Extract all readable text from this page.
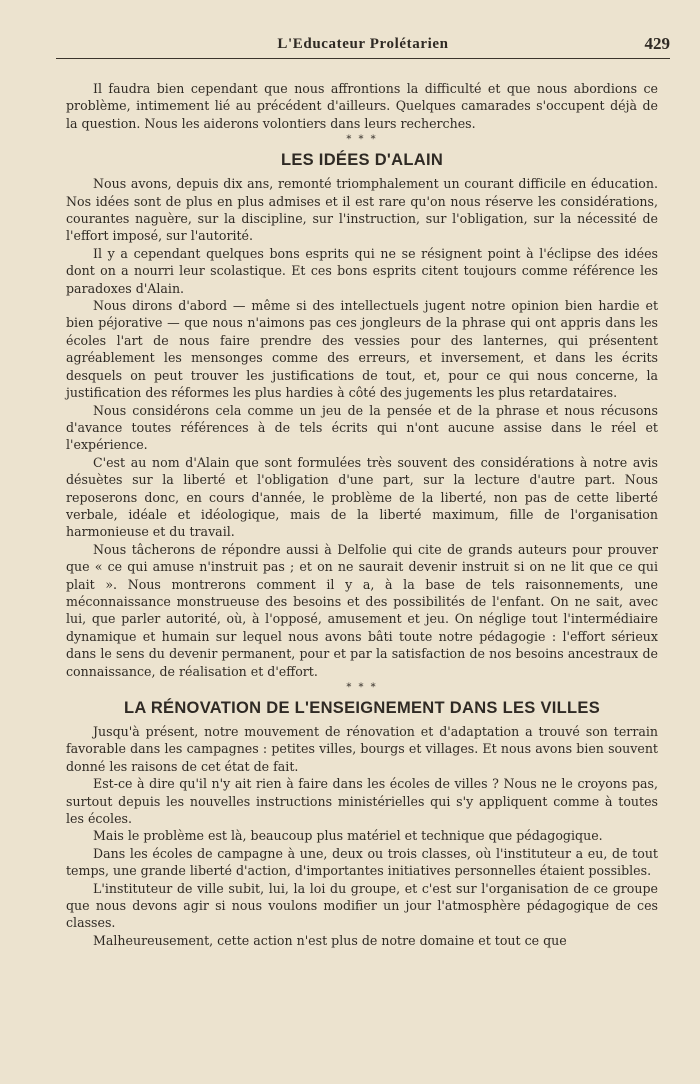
L'Educateur Prolétarien	429

Il faudra bien cependant que nous affrontions la difficulté et que nous abordions ce problème, intimement lié au précédent d'ailleurs. Quelques camarades s'occupent déjà de la question. Nous les aiderons volontiers dans leurs recherches.

* * *
LES IDÉES D'ALAIN

Nous avons, depuis dix ans, remonté triomphalement un courant difficile en éducation. Nos idées sont de plus en plus admises et il est rare qu'on nous réserve les considérations, courantes naguère, sur la discipline, sur l'instruction, sur l'obligation, sur la nécessité de l'effort imposé, sur l'autorité.

Il y a cependant quelques bons esprits qui ne se résignent point à l'éclipse des idées dont on a nourri leur scolastique. Et ces bons esprits citent toujours comme référence les paradoxes d'Alain.

Nous dirons d'abord — même si des intellectuels jugent notre opinion bien hardie et bien péjorative — que nous n'aimons pas ces jongleurs de la phrase qui ont appris dans les écoles l'art de nous faire prendre des vessies pour des lanternes, qui présentent agréablement les mensonges comme des erreurs, et inversement, et dans les écrits desquels on peut trouver les justifications de tout, et, pour ce qui nous concerne, la justification des réformes les plus hardies à côté des jugements les plus retardataires.

Nous considérons cela comme un jeu de la pensée et de la phrase et nous récusons d'avance toutes références à de tels écrits qui n'ont aucune assise dans le réel et l'expérience.

C'est au nom d'Alain que sont formulées très souvent des considérations à notre avis désuètes sur la liberté et l'obligation d'une part, sur la lecture d'autre part. Nous reposerons donc, en cours d'année, le problème de la liberté, non pas de cette liberté verbale, idéale et idéologique, mais de la liberté maximum, fille de l'organisation harmonieuse et du travail.

Nous tâcherons de répondre aussi à Delfolie qui cite de grands auteurs pour prouver que « ce qui amuse n'instruit pas ; et on ne saurait devenir instruit si on ne lit que ce qui plait ». Nous montrerons comment il y a, à la base de tels raisonnements, une méconnaissance monstrueuse des besoins et des possibilités de l'enfant. On ne sait, avec lui, que parler autorité, où, à l'opposé, amusement et jeu. On néglige tout l'intermédiaire dynamique et humain sur lequel nous avons bâti toute notre pédagogie : l'effort sérieux dans le sens du devenir permanent, pour et par la satisfaction de nos besoins ancestraux de connaissance, de réalisation et d'effort.

* * *
LA RÉNOVATION DE L'ENSEIGNEMENT DANS LES VILLES

Jusqu'à présent, notre mouvement de rénovation et d'adaptation a trouvé son terrain favorable dans les campagnes : petites villes, bourgs et villages. Et nous avons bien souvent donné les raisons de cet état de fait.

Est-ce à dire qu'il n'y ait rien à faire dans les écoles de villes ? Nous ne le croyons pas, surtout depuis les nouvelles instructions ministérielles qui s'y appliquent comme à toutes les écoles.

Mais le problème est là, beaucoup plus matériel et technique que pédagogique.

Dans les écoles de campagne à une, deux ou trois classes, où l'instituteur a eu, de tout temps, une grande liberté d'action, d'importantes initiatives personnelles étaient possibles.

L'instituteur de ville subit, lui, la loi du groupe, et c'est sur l'organisation de ce groupe que nous devons agir si nous voulons modifier un jour l'atmosphère pédagogique de ces classes.

Malheureusement, cette action n'est plus de notre domaine et tout ce que
